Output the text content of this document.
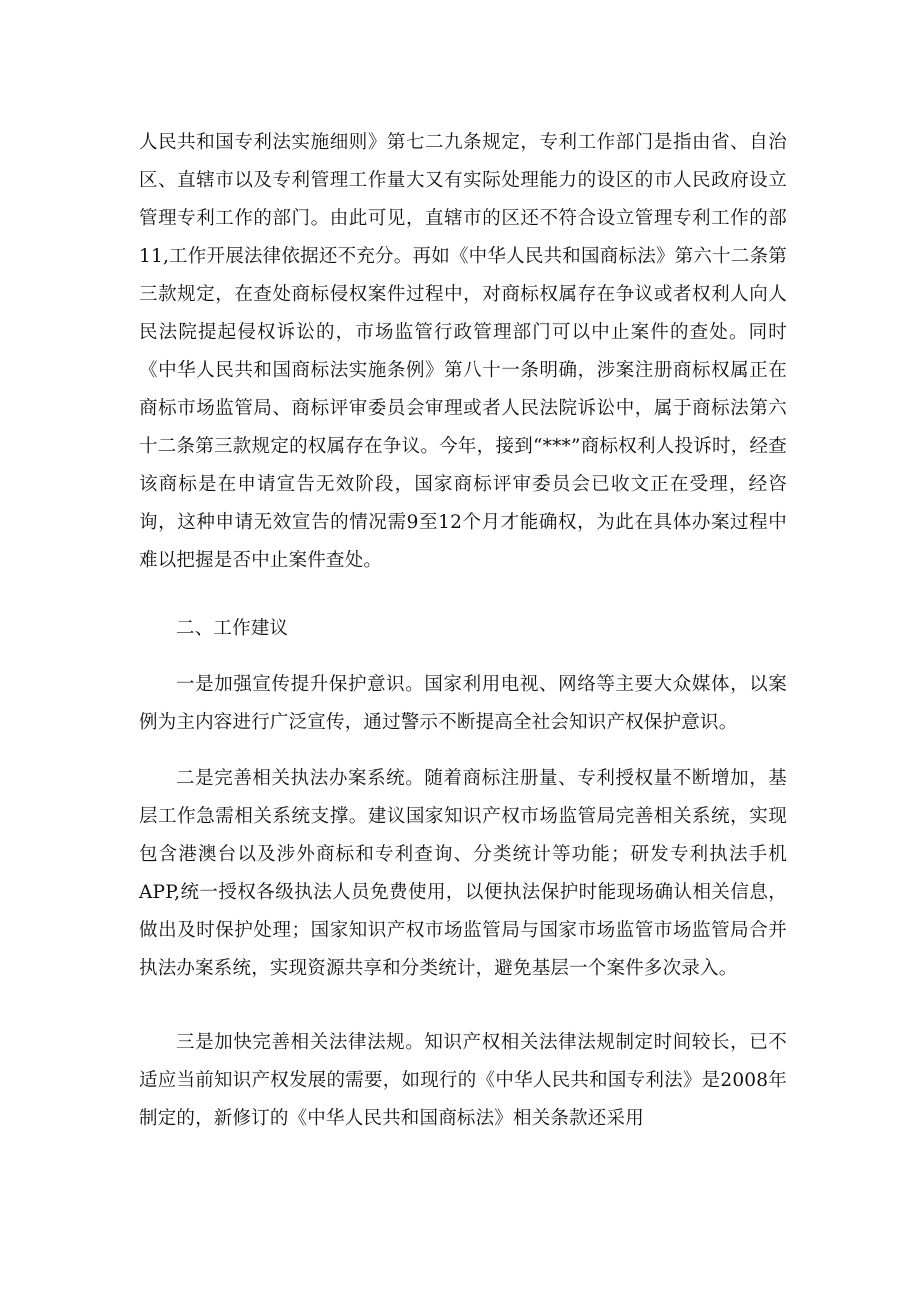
人民共和国专利法实施细则》第七二九条规定，专利工作部门是指由省、自治区、直辖市以及专利管理工作量大又有实际处理能力的设区的市人民政府设立管理专利工作的部门。由此可见，直辖市的区还不符合设立管理专利工作的部11,工作开展法律依据还不充分。再如《中华人民共和国商标法》第六十二条第三款规定，在查处商标侵权案件过程中，对商标权属存在争议或者权利人向人民法院提起侵权诉讼的，市场监管行政管理部门可以中止案件的查处。同时《中华人民共和国商标法实施条例》第八十一条明确，涉案注册商标权属正在商标市场监管局、商标评审委员会审理或者人民法院诉讼中，属于商标法第六十二条第三款规定的权属存在争议。今年，接到“***”商标权利人投诉时，经查该商标是在申请宣告无效阶段，国家商标评审委员会已收文正在受理，经咨询，这种申请无效宣告的情况需9至12个月才能确权，为此在具体办案过程中难以把握是否中止案件查处。

二、工作建议

一是加强宣传提升保护意识。国家利用电视、网络等主要大众媒体，以案例为主内容进行广泛宣传，通过警示不断提高全社会知识产权保护意识。

二是完善相关执法办案系统。随着商标注册量、专利授权量不断增加，基层工作急需相关系统支撑。建议国家知识产权市场监管局完善相关系统，实现包含港澳台以及涉外商标和专利查询、分类统计等功能；研发专利执法手机APP,统一授权各级执法人员免费使用，以便执法保护时能现场确认相关信息，做出及时保护处理；国家知识产权市场监管局与国家市场监管市场监管局合并执法办案系统，实现资源共享和分类统计，避免基层一个案件多次录入。

三是加快完善相关法律法规。知识产权相关法律法规制定时间较长，已不适应当前知识产权发展的需要，如现行的《中华人民共和国专利法》是2008年制定的，新修订的《中华人民共和国商标法》相关条款还采用
